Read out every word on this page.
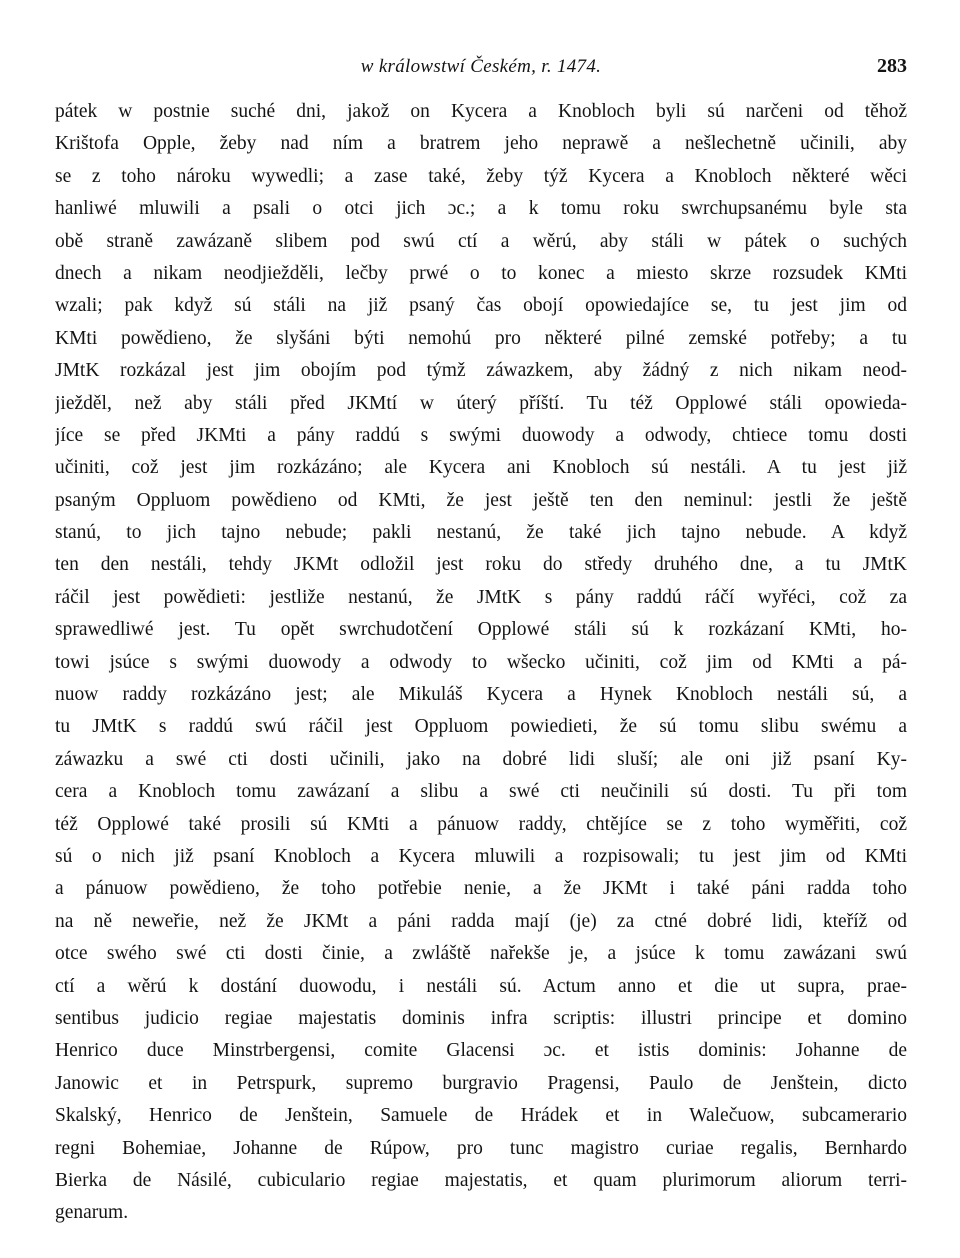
w králowstwí Českém, r. 1474.	283
pátek w postnie suché dni, jakož on Kycera a Knobloch byli sú narčeni od těhož
Krištofa Opple, žeby nad ním a bratrem jeho neprawě a nešlechetně učinili, aby
se z toho nároku wywedli; a zase také, žeby týž Kycera a Knobloch některé wěci
hanliwé mluwili a psali o otci jich ɔc.; a k tomu roku swrchupsanému byle sta
obě straně zawázaně slibem pod swú ctí a wěrú, aby stáli w pátek o suchých
dnech a nikam neodjiežděli, lečby prwé o to konec a miesto skrze rozsudek KMti
wzali; pak když sú stáli na již psaný čas obojí opowiedajíce se, tu jest jim od
KMti powědieno, že slyšáni býti nemohú pro některé pilné zemské potřeby; a tu
JMtK rozkázal jest jim obojím pod týmž záwazkem, aby žádný z nich nikam neod-
jiežděl, než aby stáli před JKMtí w úterý příští. Tu též Opplowé stáli opowieda-
jíce se před JKMti a pány raddú s swými duowody a odwody, chtiece tomu dosti
učiniti, což jest jim rozkázáno; ale Kycera ani Knobloch sú nestáli. A tu jest již
psaným Oppluom powědieno od KMti, že jest ještě ten den neminul: jestli že ještě
stanú, to jich tajno nebude; pakli nestanú, že také jich tajno nebude. A když
ten den nestáli, tehdy JKMt odložil jest roku do středy druhého dne, a tu JMtK
ráčil jest powědieti: jestliže nestanú, že JMtK s pány raddú ráčí wyřéci, což za
sprawedliwé jest. Tu opět swrchudotčení Opplowé stáli sú k rozkázaní KMti, ho-
towi jsúce s swými duowody a odwody to wšecko učiniti, což jim od KMti a pá-
nuow raddy rozkázáno jest; ale Mikuláš Kycera a Hynek Knobloch nestáli sú, a
tu JMtK s raddú swú ráčil jest Oppluom powiedieti, že sú tomu slibu swému a
záwazku a swé cti dosti učinili, jako na dobré lidi sluší; ale oni již psaní Ky-
cera a Knobloch tomu zawázaní a slibu a swé cti neučinili sú dosti. Tu při tom
též Opplowé také prosili sú KMti a pánuow raddy, chtějíce se z toho wyměřiti, což
sú o nich již psaní Knobloch a Kycera mluwili a rozpisowali; tu jest jim od KMti
a pánuow powědieno, že toho potřebie nenie, a že JKMt i také páni radda toho
na ně neweřie, než že JKMt a páni radda mají (je) za ctné dobré lidi, kteříž od
otce swého swé cti dosti činie, a zwláště nařekše je, a jsúce k tomu zawázani swú
ctí a wěrú k dostání duowodu, i nestáli sú. Actum anno et die ut supra, prae-
sentibus judicio regiae majestatis dominis infra scriptis: illustri principe et domino
Henrico duce Minstrbergensi, comite Glacensi ɔc. et istis dominis: Johanne de
Janowic et in Petrspurk, supremo burgravio Pragensi, Paulo de Jenštein, dicto
Skalský, Henrico de Jenštein, Samuele de Hrádek et in Walečuow, subcamerario
regni Bohemiae, Johanne de Rúpow, pro tunc magistro curiae regalis, Bernhardo
Bierka de Násilé, cubiculario regiae majestatis, et quam plurimorum aliorum terri-
genarum.
